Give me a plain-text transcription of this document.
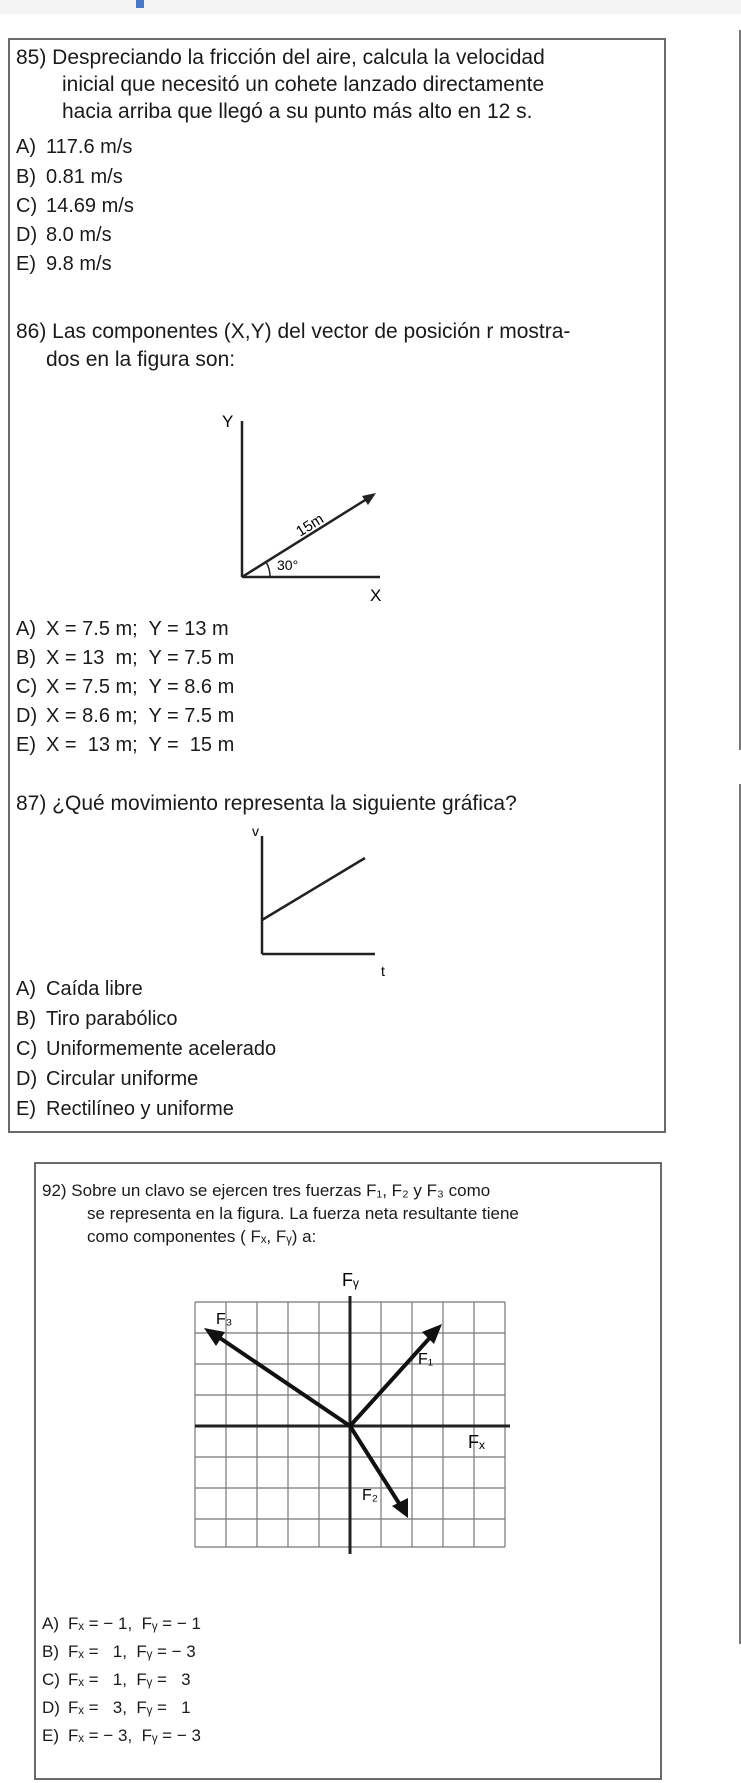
85) Despreciando la fricción del aire, calcula la velocidad
inicial que necesitó un cohete lanzado directamente
hacia arriba que llegó a su punto más alto en 12 s.
A) 117.6 m/s
B) 0.81 m/s
C) 14.69 m/s
D) 8.0 m/s
E) 9.8 m/s
86) Las componentes (X,Y) del vector de posición r mostra-
dos en la figura son:
Y
X
15m
30°
A) X = 7.5 m;  Y = 13 m
B) X = 13  m;  Y = 7.5 m
C) X = 7.5 m;  Y = 8.6 m
D) X = 8.6 m;  Y = 7.5 m
E) X =  13 m;  Y =  15 m
87) ¿Qué movimiento representa la siguiente gráfica?
v
t
A) Caída libre
B) Tiro parabólico
C) Uniformemente acelerado
D) Circular uniforme
E) Rectilíneo y uniforme
92) Sobre un clavo se ejercen tres fuerzas F₁, F₂ y F₃ como
se representa en la figura. La fuerza neta resultante tiene
como componentes ( Fₓ, Fᵧ) a:
Fᵧ
Fₓ
F₁
F₂
F₃
A) Fₓ = − 1,  Fᵧ = − 1
B) Fₓ =   1,  Fᵧ = − 3
C) Fₓ =   1,  Fᵧ =   3
D) Fₓ =   3,  Fᵧ =   1
E) Fₓ = − 3,  Fᵧ = − 3
